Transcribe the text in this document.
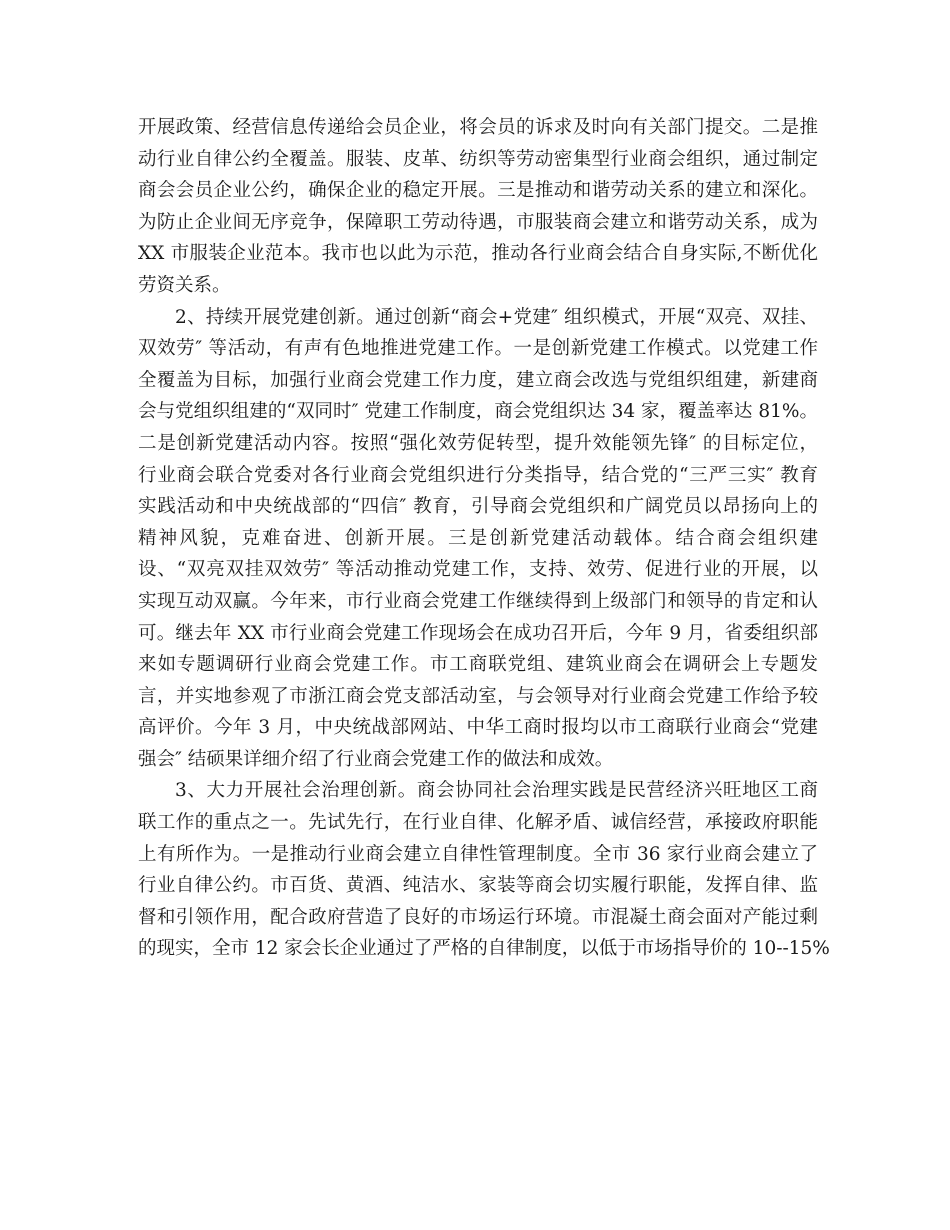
开展政策、经营信息传递给会员企业，将会员的诉求及时向有关部门提交。二是推
动行业自律公约全覆盖。服装、皮革、纺织等劳动密集型行业商会组织，通过制定
商会会员企业公约，确保企业的稳定开展。三是推动和谐劳动关系的建立和深化。
为防止企业间无序竞争，保障职工劳动待遇，市服装商会建立和谐劳动关系，成为
XX 市服装企业范本。我市也以此为示范，推动各行业商会结合自身实际,不断优化
劳资关系。
2、持续开展党建创新。通过创新“商会+党建″ 组织模式，开展“双亮、双挂、
双效劳″ 等活动，有声有色地推进党建工作。一是创新党建工作模式。以党建工作
全覆盖为目标，加强行业商会党建工作力度，建立商会改选与党组织组建，新建商
会与党组织组建的“双同时″ 党建工作制度，商会党组织达 34 家，覆盖率达 81%。
二是创新党建活动内容。按照“强化效劳促转型，提升效能领先锋″ 的目标定位，
行业商会联合党委对各行业商会党组织进行分类指导，结合党的“三严三实″ 教育
实践活动和中央统战部的“四信″ 教育，引导商会党组织和广阔党员以昂扬向上的
精神风貌，克难奋进、创新开展。三是创新党建活动载体。结合商会组织建
设、“双亮双挂双效劳″ 等活动推动党建工作，支持、效劳、促进行业的开展，以
实现互动双赢。今年来，市行业商会党建工作继续得到上级部门和领导的肯定和认
可。继去年 XX 市行业商会党建工作现场会在成功召开后，今年 9 月，省委组织部
来如专题调研行业商会党建工作。市工商联党组、建筑业商会在调研会上专题发
言，并实地参观了市浙江商会党支部活动室，与会领导对行业商会党建工作给予较
高评价。今年 3 月，中央统战部网站、中华工商时报均以市工商联行业商会“党建
强会″ 结硕果详细介绍了行业商会党建工作的做法和成效。
3、大力开展社会治理创新。商会协同社会治理实践是民营经济兴旺地区工商
联工作的重点之一。先试先行，在行业自律、化解矛盾、诚信经营，承接政府职能
上有所作为。一是推动行业商会建立自律性管理制度。全市 36 家行业商会建立了
行业自律公约。市百货、黄酒、纯洁水、家装等商会切实履行职能，发挥自律、监
督和引领作用，配合政府营造了良好的市场运行环境。市混凝土商会面对产能过剩
的现实，全市 12 家会长企业通过了严格的自律制度，以低于市场指导价的 10--15%
